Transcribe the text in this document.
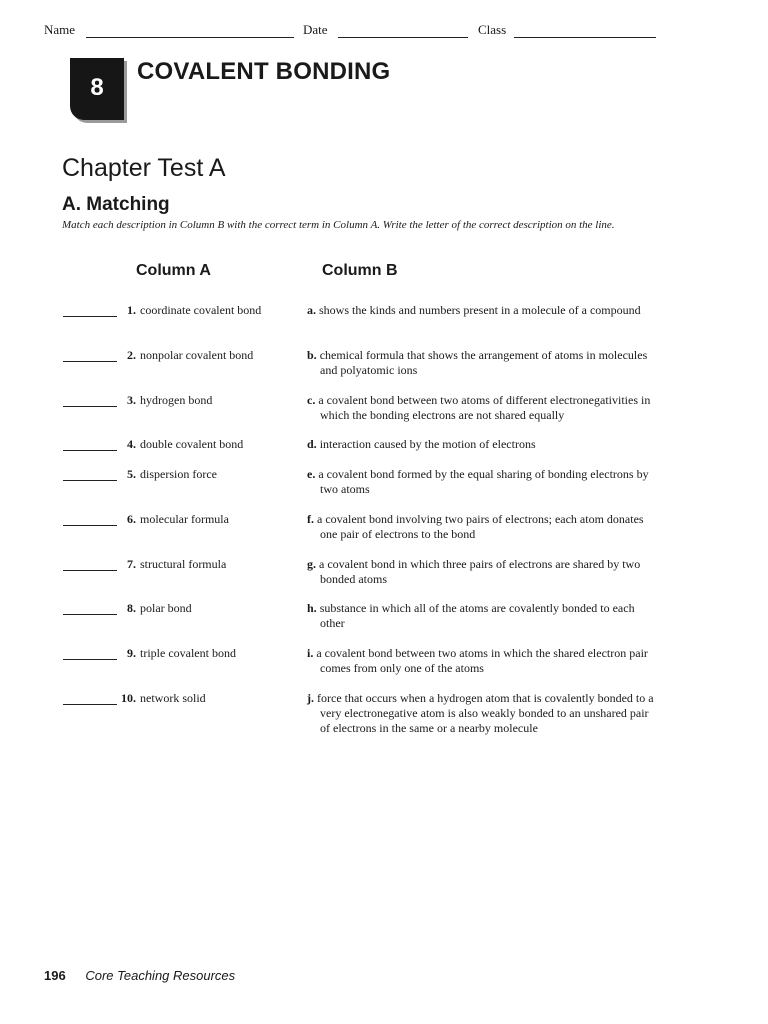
Name	Date	Class
8
COVALENT BONDING
Chapter Test A
A. Matching
Match each description in Column B with the correct term in Column A. Write the letter of the correct description on the line.
Column A	Column B
1. coordinate covalent bond	a. shows the kinds and numbers present in a molecule of a compound
2. nonpolar covalent bond	b. chemical formula that shows the arrangement of atoms in molecules and polyatomic ions
3. hydrogen bond	c. a covalent bond between two atoms of different electronegativities in which the bonding electrons are not shared equally
4. double covalent bond	d. interaction caused by the motion of electrons
5. dispersion force	e. a covalent bond formed by the equal sharing of bonding electrons by two atoms
6. molecular formula	f. a covalent bond involving two pairs of electrons; each atom donates one pair of electrons to the bond
7. structural formula	g. a covalent bond in which three pairs of electrons are shared by two bonded atoms
8. polar bond	h. substance in which all of the atoms are covalently bonded to each other
9. triple covalent bond	i. a covalent bond between two atoms in which the shared electron pair comes from only one of the atoms
10. network solid	j. force that occurs when a hydrogen atom that is covalently bonded to a very electronegative atom is also weakly bonded to an unshared pair of electrons in the same or a nearby molecule
196 Core Teaching Resources
